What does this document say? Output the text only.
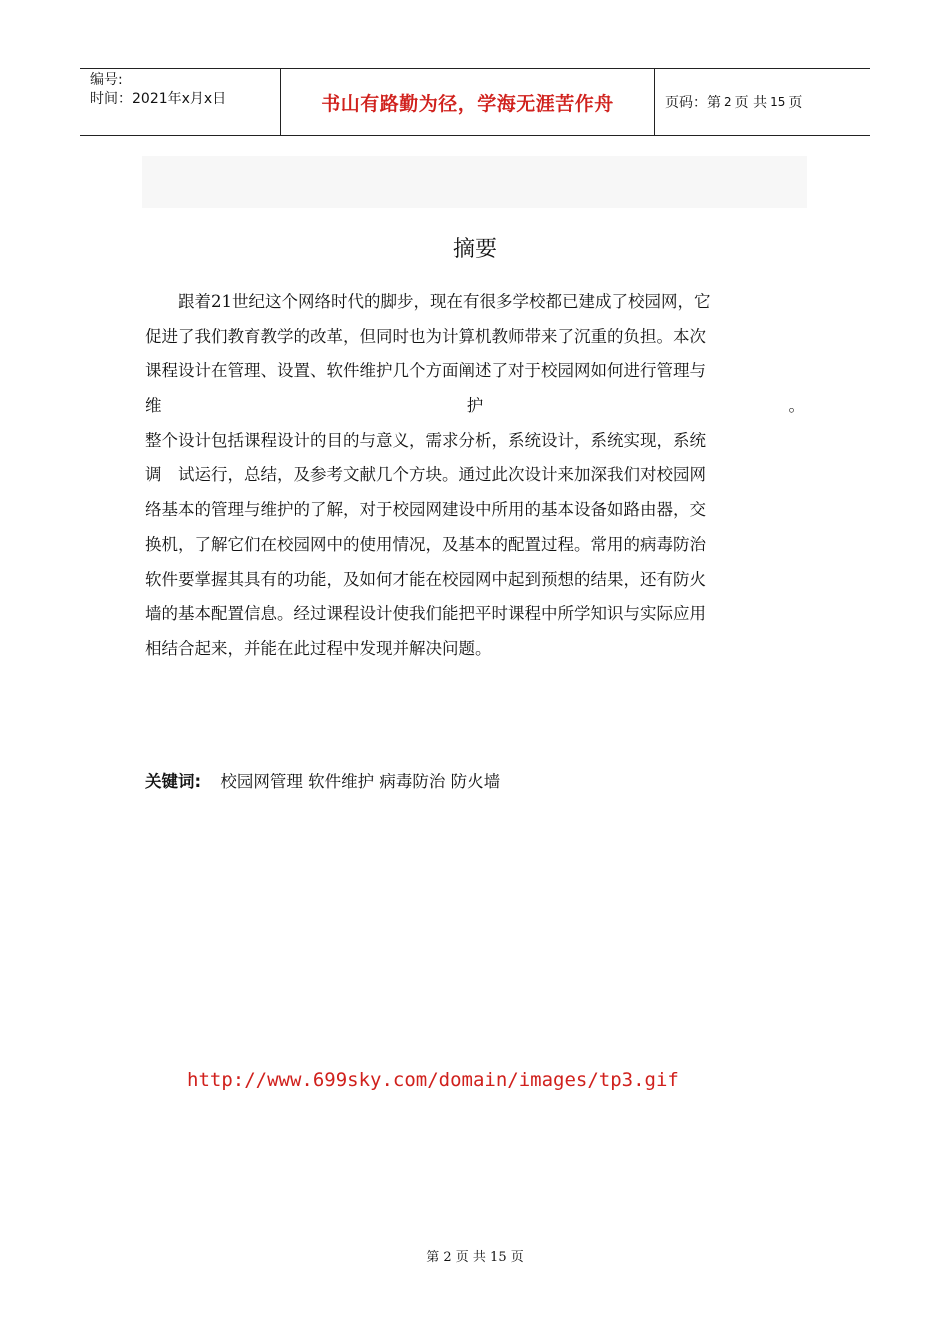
编号:
时间：2021年x月x日	书山有路勤为径，学海无涯苦作舟	页码：第 2 页 共 15 页
摘要
　　跟着21世纪这个网络时代的脚步，现在有很多学校都已建成了校园网，它
促进了我们教育教学的改革，但同时也为计算机教师带来了沉重的负担。本次
课程设计在管理、设置、软件维护几个方面阐述了对于校园网如何进行管理与
维护。
整个设计包括课程设计的目的与意义，需求分析，系统设计，系统实现，系统
调　试运行，总结，及参考文献几个方块。通过此次设计来加深我们对校园网
络基本的管理与维护的了解，对于校园网建设中所用的基本设备如路由器，交
换机，了解它们在校园网中的使用情况，及基本的配置过程。常用的病毒防治
软件要掌握其具有的功能，及如何才能在校园网中起到预想的结果，还有防火
墙的基本配置信息。经过课程设计使我们能把平时课程中所学知识与实际应用
相结合起来，并能在此过程中发现并解决问题。
关键词: 校园网管理 软件维护 病毒防治 防火墙
http://www.699sky.com/domain/images/tp3.gif
第 2 页 共 15 页
